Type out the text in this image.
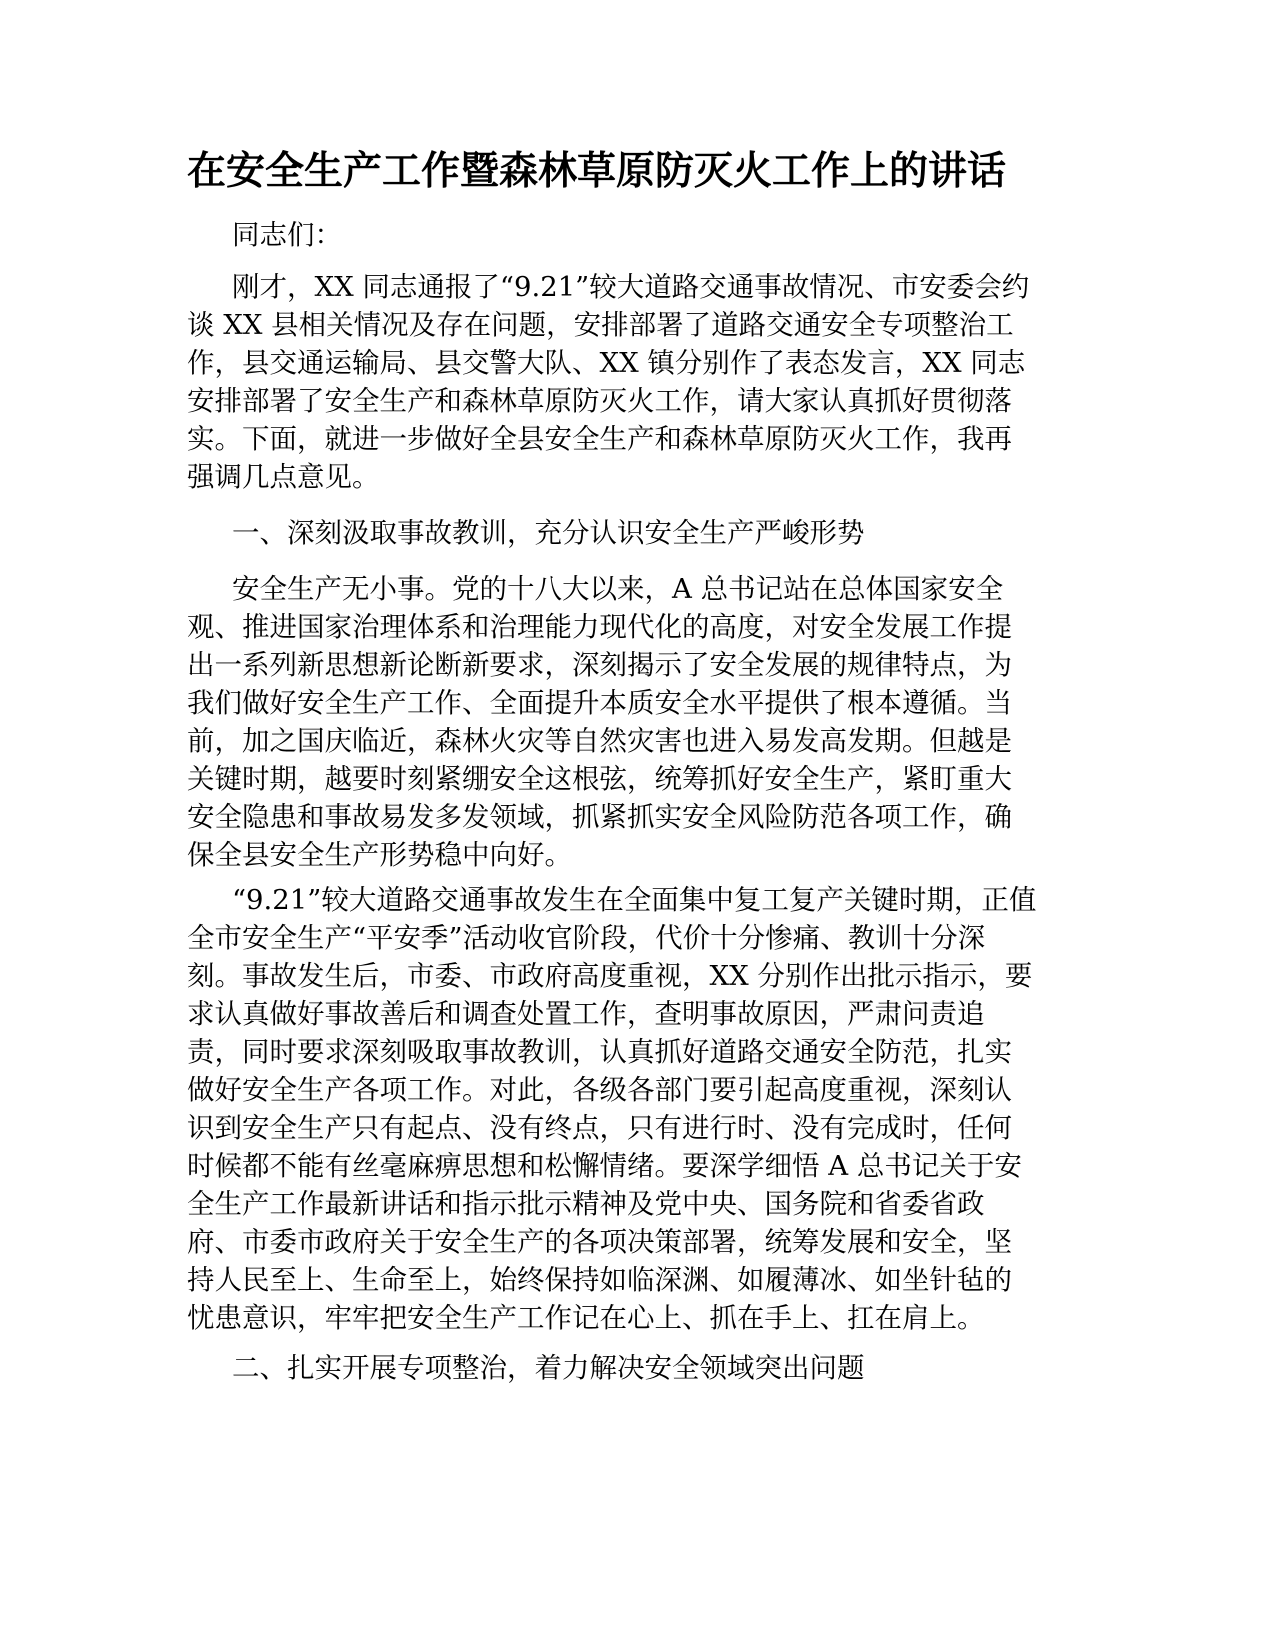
在安全生产工作暨森林草原防灭火工作上的讲话

同志们：

刚才，XX 同志通报了“9.21”较大道路交通事故情况、市安委会约

谈 XX 县相关情况及存在问题，安排部署了道路交通安全专项整治工

作，县交通运输局、县交警大队、XX 镇分别作了表态发言，XX 同志

安排部署了安全生产和森林草原防灭火工作，请大家认真抓好贯彻落

实。下面，就进一步做好全县安全生产和森林草原防灭火工作，我再

强调几点意见。

一、深刻汲取事故教训，充分认识安全生产严峻形势

安全生产无小事。党的十八大以来，A 总书记站在总体国家安全

观、推进国家治理体系和治理能力现代化的高度，对安全发展工作提

出一系列新思想新论断新要求，深刻揭示了安全发展的规律特点，为

我们做好安全生产工作、全面提升本质安全水平提供了根本遵循。当

前，加之国庆临近，森林火灾等自然灾害也进入易发高发期。但越是

关键时期，越要时刻紧绷安全这根弦，统筹抓好安全生产，紧盯重大

安全隐患和事故易发多发领域，抓紧抓实安全风险防范各项工作，确

保全县安全生产形势稳中向好。

“9.21”较大道路交通事故发生在全面集中复工复产关键时期，正值

全市安全生产“平安季”活动收官阶段，代价十分惨痛、教训十分深

刻。事故发生后，市委、市政府高度重视，XX 分别作出批示指示，要

求认真做好事故善后和调查处置工作，查明事故原因，严肃问责追

责，同时要求深刻吸取事故教训，认真抓好道路交通安全防范，扎实

做好安全生产各项工作。对此，各级各部门要引起高度重视，深刻认

识到安全生产只有起点、没有终点，只有进行时、没有完成时，任何

时候都不能有丝毫麻痹思想和松懈情绪。要深学细悟 A 总书记关于安

全生产工作最新讲话和指示批示精神及党中央、国务院和省委省政

府、市委市政府关于安全生产的各项决策部署，统筹发展和安全，坚

持人民至上、生命至上，始终保持如临深渊、如履薄冰、如坐针毡的

忧患意识，牢牢把安全生产工作记在心上、抓在手上、扛在肩上。

二、扎实开展专项整治，着力解决安全领域突出问题
